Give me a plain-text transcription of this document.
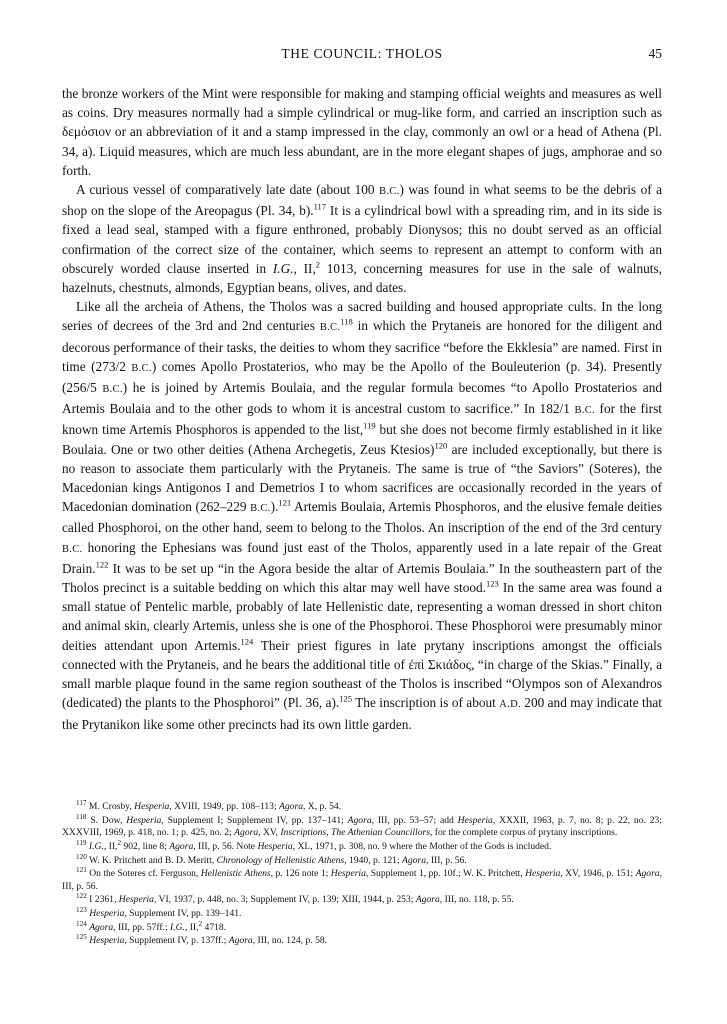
THE COUNCIL: THOLOS	45

the bronze workers of the Mint were responsible for making and stamping official weights and measures as well as coins. Dry measures normally had a simple cylindrical or mug-like form, and carried an inscription such as δεμόσιον or an abbreviation of it and a stamp impressed in the clay, commonly an owl or a head of Athena (Pl. 34, a). Liquid measures, which are much less abundant, are in the more elegant shapes of jugs, amphorae and so forth.

A curious vessel of comparatively late date (about 100 B.C.) was found in what seems to be the debris of a shop on the slope of the Areopagus (Pl. 34, b).$^{117}$ It is a cylindrical bowl with a spreading rim, and in its side is fixed a lead seal, stamped with a figure enthroned, probably Dionysos; this no doubt served as an official confirmation of the correct size of the container, which seems to represent an attempt to conform with an obscurely worded clause inserted in I.G., II,$^2$ 1013, concerning measures for use in the sale of walnuts, hazelnuts, chestnuts, almonds, Egyptian beans, olives, and dates.

Like all the archeia of Athens, the Tholos was a sacred building and housed appropriate cults. In the long series of decrees of the 3rd and 2nd centuries B.C.$^{118}$ in which the Prytaneis are honored for the diligent and decorous performance of their tasks, the deities to whom they sacrifice “before the Ekklesia” are named. First in time (273/2 B.C.) comes Apollo Prostaterios, who may be the Apollo of the Bouleuterion (p. 34). Presently (256/5 B.C.) he is joined by Artemis Boulaia, and the regular formula becomes “to Apollo Prostaterios and Artemis Boulaia and to the other gods to whom it is ancestral custom to sacrifice.” In 182/1 B.C. for the first known time Artemis Phosphoros is appended to the list,$^{119}$ but she does not become firmly established in it like Boulaia. One or two other deities (Athena Archegetis, Zeus Ktesios)$^{120}$ are included exceptionally, but there is no reason to associate them particularly with the Prytaneis. The same is true of “the Saviors” (Soteres), the Macedonian kings Antigonos I and Demetrios I to whom sacrifices are occasionally recorded in the years of Macedonian domination (262–229 B.C.).$^{121}$ Artemis Boulaia, Artemis Phosphoros, and the elusive female deities called Phosphoroi, on the other hand, seem to belong to the Tholos. An inscription of the end of the 3rd century B.C. honoring the Ephesians was found just east of the Tholos, apparently used in a late repair of the Great Drain.$^{122}$ It was to be set up “in the Agora beside the altar of Artemis Boulaia.” In the southeastern part of the Tholos precinct is a suitable bedding on which this altar may well have stood.$^{123}$ In the same area was found a small statue of Pentelic marble, probably of late Hellenistic date, representing a woman dressed in short chiton and animal skin, clearly Artemis, unless she is one of the Phosphoroi. These Phosphoroi were presumably minor deities attendant upon Artemis.$^{124}$ Their priest figures in late prytany inscriptions amongst the officials connected with the Prytaneis, and he bears the additional title of ἐπὶ Σκιάδος, “in charge of the Skias.” Finally, a small marble plaque found in the same region southeast of the Tholos is inscribed “Olympos son of Alexandros (dedicated) the plants to the Phosphoroi” (Pl. 36, a).$^{125}$ The inscription is of about A.D. 200 and may indicate that the Prytanikon like some other precincts had its own little garden.

$^{117}$ M. Crosby, Hesperia, XVIII, 1949, pp. 108–113; Agora, X, p. 54.
$^{118}$ S. Dow, Hesperia, Supplement I; Supplement IV, pp. 137–141; Agora, III, pp. 53–57; add Hesperia, XXXII, 1963, p. 7, no. 8; p. 22, no. 23; XXXVIII, 1969, p. 418, no. 1; p. 425, no. 2; Agora, XV, Inscriptions, The Athenian Councillors, for the complete corpus of prytany inscriptions.
$^{119}$ I.G., II,$^2$ 902, line 8; Agora, III, p. 56. Note Hesperia, XL, 1971, p. 308, no. 9 where the Mother of the Gods is included.
$^{120}$ W. K. Pritchett and B. D. Meritt, Chronology of Hellenistic Athens, 1940, p. 121; Agora, III, p. 56.
$^{121}$ On the Soteres cf. Ferguson, Hellenistic Athens, p. 126 note 1; Hesperia, Supplement 1, pp. 10f.; W. K. Pritchett, Hesperia, XV, 1946, p. 151; Agora, III, p. 56.
$^{122}$ I 2361, Hesperia, VI, 1937, p. 448, no. 3; Supplement IV, p. 139; XIII, 1944, p. 253; Agora, III, no. 118, p. 55.
$^{123}$ Hesperia, Supplement IV, pp. 139–141.
$^{124}$ Agora, III, pp. 57ff.; I.G., II,$^2$ 4718.
$^{125}$ Hesperia, Supplement IV, p. 137ff.; Agora, III, no. 124, p. 58.
